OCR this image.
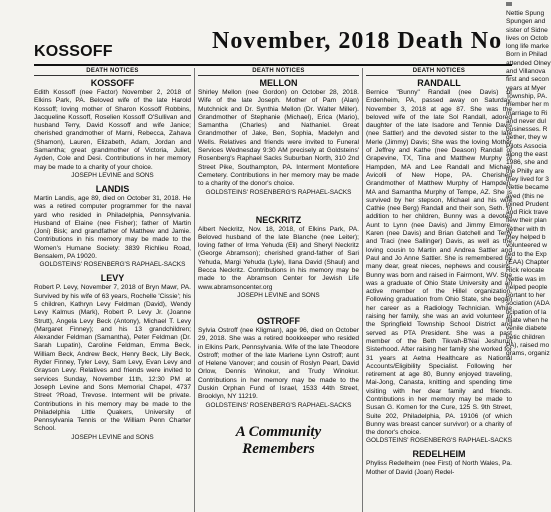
KOSSOFF	November, 2018 Death No
DEATH NOTICES
KOSSOFF
Edith Kossoff (nee Factor) November 2, 2018 of Elkins Park, PA. Beloved wife of the late Harold Kossoff; loving mother of Sharon Kossoff Robbins, Jacqueline Kossoff, Roselien Kossoff O'Sullivan and husband Terry, David Kossoff and wife Janice; cherished grandmother of Marni, Rebecca, Zahava (Shamon), Lauren, Elizabeth, Adam, Jordan and Samantha; great grandmother of Victoria, Juliet, Ayden, Cole and Desi. Contributions in her memory may be made to a charity of your choice.
JOSEPH LEVINE and SONS
LANDIS
Martin Landis, age 89, died on October 31, 2018. He was a retired computer programmer for the naval yard who resided in Philadelphia, Pennsylvania. Husband of Elaine (nee Fisher); father of Martin (Joni) Bisk; and grandfather of Matthew and Jamie. Contributions in his memory may be made to the Women's Humane Society: 3839 Richlieu Road, Bensalem, PA 19020.
GOLDSTEINS' ROSENBERG'S RAPHAEL-SACKS
LEVY
Robert P. Levy, November 7, 2018 of Bryn Mawr, PA. Survived by his wife of 63 years, Rochelle 'Cissie'; his 5 children, Kathryn Levy Feldman (David), Wendy Levy Kalmus (Mark), Robert P. Levy Jr. (Joanne Strutt), Angela Levy Beck (Antony), Michael T. Levy (Margaret Finney); and his 13 grandchildren; Alexander Feldman (Samantha), Peter Feldman (Dr. Sarah Lupatin), Caroline Feldman, Emma Beck, William Beck, Andrew Beck, Henry Beck, Lily Beck, Ryder Finney, Tyler Levy, Sam Levy, Evan Levy and Grayson Levy. Relatives and friends were invited to services Sunday, November 11th, 12:30 PM at Joseph Levine and Sons Memorial Chapel, 4737 Street ?Road, Trevose. Interment will be private. Contributions in his memory may be made to the Philadelphia Little Quakers, University of Pennsylvania Tennis or the William Penn Charter School.
JOSEPH LEVINE and SONS
DEATH NOTICES
MELLON
Shirley Mellon (nee Gordon) on October 28, 2018. Wife of the late Joseph. Mother of Pam (Alan) Mutchnick and Dr. Synthia Mellon (Dr. Walter Miller). Grandmother of Stephanie (Michael), Erica (Mario), Samantha (Charles) and Nathaniel. Great Grandmother of Jake, Ben, Sophia, Madelyn and Wells. Relatives and friends were invited to Funeral Services Wednesday 9:30 AM precisely at Goldsteins' Rosenberg's Raphael Sacks Suburban North, 310 2nd Street Pike, Southampton, PA. Interment Montefiore Cemetery. Contributions in her memory may be made to a charity of the donor's choice.
GOLDSTEINS' ROSENBERG'S RAPHAEL-SACKS
NECKRITZ
Albert Neckritz, Nov. 18, 2018, of Elkins Park, PA. Beloved husband of the late Blanche (nee Leiter); loving father of Irma Yehuda (Eli) and Sheryl Neckritz (George Abramson); cherished grand-father of Sari Yehuda, Margi Yehuda (Lyle), Ilana David (Shaul) and Becca Neckritz. Contributions in his memory may be made to the Abramson Center for Jewish Life www.abramsoncenter.org
JOSEPH LEVINE and SONS
OSTROFF
Sylvia Ostroff (nee Kligman), age 96, died on October 29, 2018. She was a retired bookkeeper who resided in Elkins Park, Pennsylvania. Wife of the late Theodore Ostroff; mother of the late Marlene Lynn Ostroff; aunt of Helene Vanover; and cousin of Roslyn Pearl, David Orlow, Dennis Winokur, and Trudy Winokur. Contributions in her memory may be made to the Duskin Orphan Fund of Israel, 1533 44th Street, Brooklyn, NY 11219.
GOLDSTEINS' ROSENBERG'S RAPHAEL-SACKS
A Community Remembers
DEATH NOTICES
RANDALL
Bernice "Bunny" Randall (nee Davis) of Erdenheim, PA, passed away on Saturday, November 3, 2018 at age 87. She was the beloved wife of the late Sol Randall, adored daughter of the late Isadore and Tennie Davis (nee Sattler) and the devoted sister to the late Merle (Jimmy) Davis; She was the loving Mother of Jeffrey and Kathe (nee Deason) Randall of Grapevine, TX, Tina and Matthew Murphy of Hampden, MA and Lee Randall and Michael Avicolli of New Hope, PA. Cherished Grandmother of Matthew Murphy of Hampden, MA and Samantha Murphy of Tempe, AZ. She is survived by her stepson, Michael and his wife Cathie (nee Berg) Randall and their son, Seth. In addition to her children, Bunny was a devoted Aunt to Lynn (nee Davis) and Jimmy Elmore, Karen (nee Davis) and Brian Gatchell and Terry and Traci (nee Sallinger) Davis, as well as the loving cousin to Martin and Andrea Sattler and Paul and Jo Anne Sattler. She is remembered by many dear, great nieces, nephews and cousins. Bunny was born and raised in Fairmont, WV. She was a graduate of Ohio State University and an active member of the Hillel organization. Following graduation from Ohio State, she began her career as a Radiology Technician. While raising her family, she was an avid volunteer in the Springfield Township School District and served as PTA President. She was a past member of the Beth Tikvah-B'Nai Jeshurun Sisterhood. After raising her family she worked for 31 years at Aetna Healthcare as National Accounts/Eligibility Specialist. Following her retirement at age 80, Bunny enjoyed traveling, Mai-Jong, Canasta, knitting and spending time visiting with her dear family and friends. Contributions in her memory may be made to Susan G. Komen for the Cure, 125 S. 9th Street, Suite 202, Philadelphia, PA. 19106 (of which Bunny was breast cancer survivor) or a charity of the donor's choice.
GOLDSTEINS' ROSENBERG'S RAPHAEL-SACKS
REDELHEIM
Phyliss Redelheim (nee First) of North Wales, Pa. Mother of David (Joan) Redel-
Nettie Spung
Spungen and
sister of Sidne
lives on Octob
long life marke
Born in Philad
attended Olney
and Villanova
first and secon
years at Myer
Township, PA.
member her m
marriage to Ri
and never dul
businesses. R
gether, they w
Pilots Associa
along the east
1986, she and
the Philly are
they lived for 3
Nettie became
ayed (this ne
joined Prudent
and Rick trave
flew their plan
gether with th
they helped b
volunteered w
ted to the Exp
(EAA) Chapter
Rick relocate
Nettie was im
helped people
portant to her
sociation (ADA
ticipation of la
filiate when he
venile diabete
betic children
PA), raised mo
grams, organiz
